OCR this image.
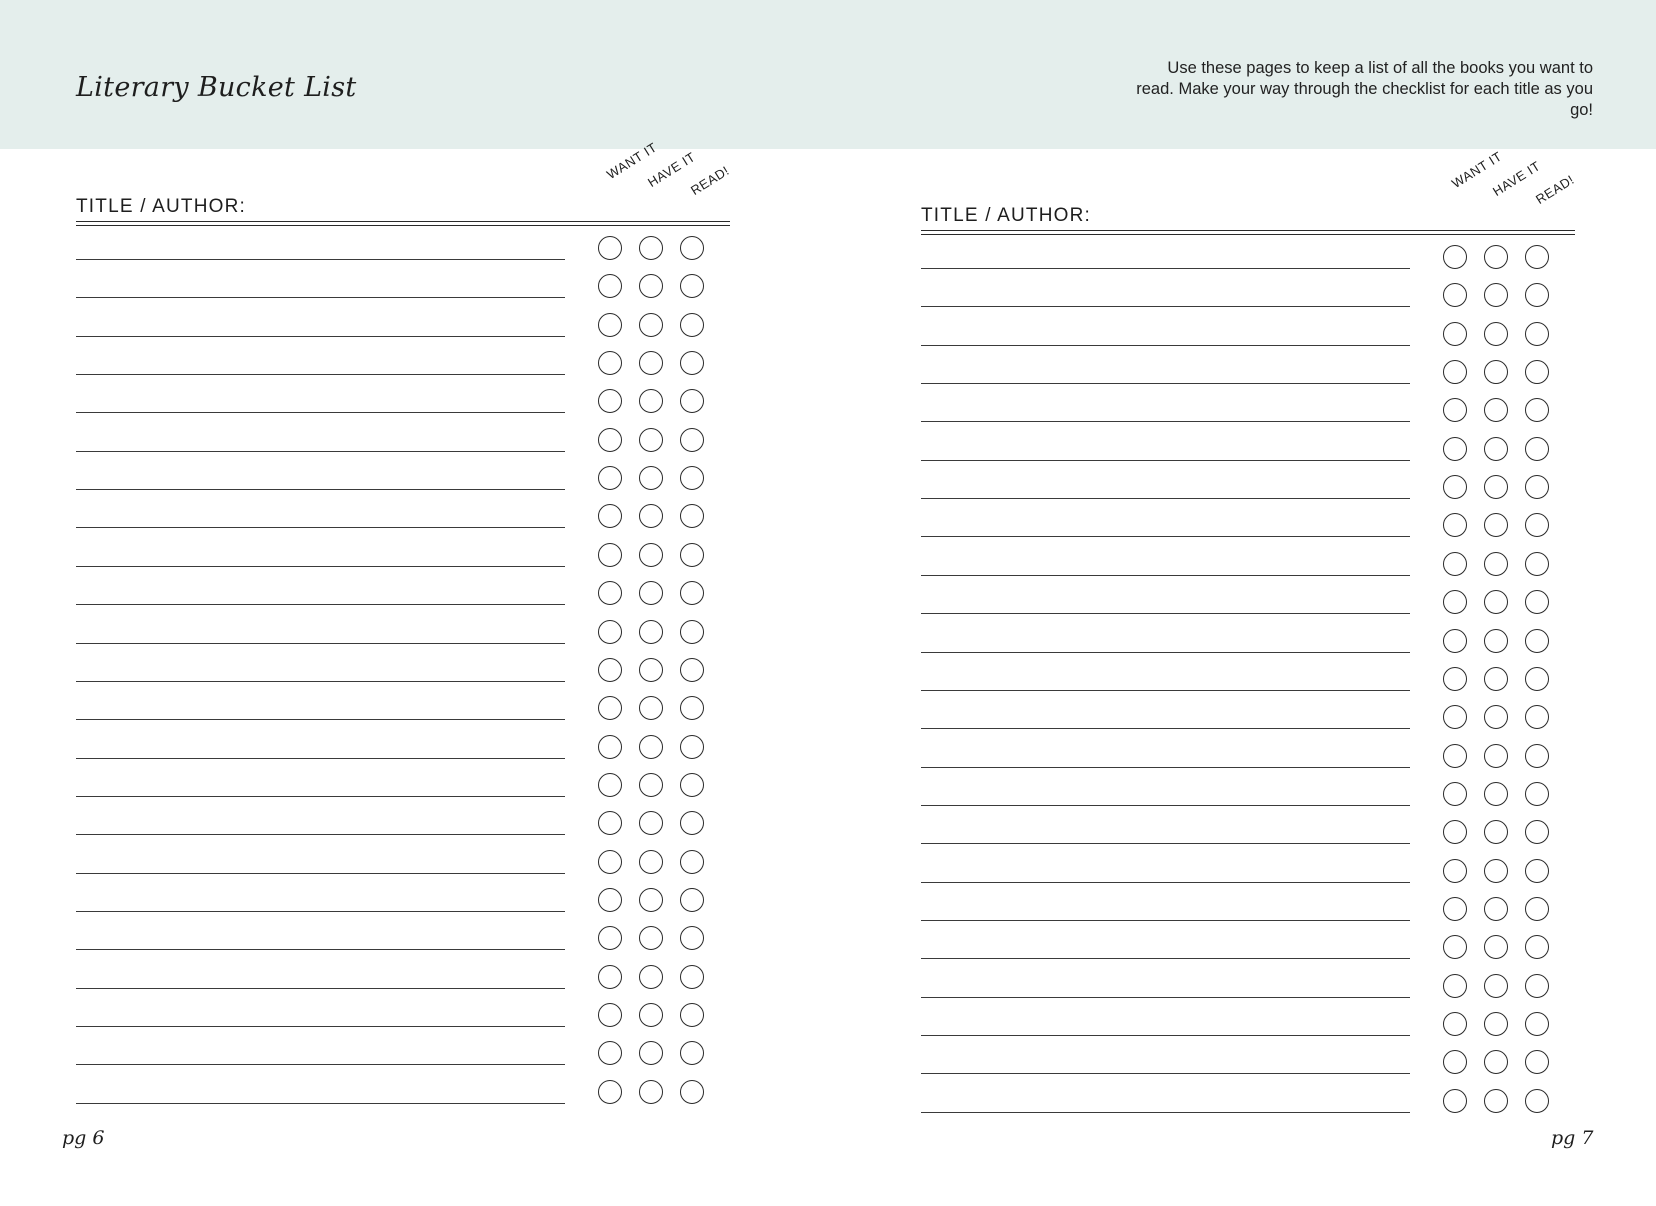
Literary Bucket List
Use these pages to keep a list of all the books you want to read. Make your way through the checklist for each title as you go!
TITLE / AUTHOR:
WANT IT
HAVE IT
READ!
pg 6
TITLE / AUTHOR:
WANT IT
HAVE IT
READ!
pg 7
